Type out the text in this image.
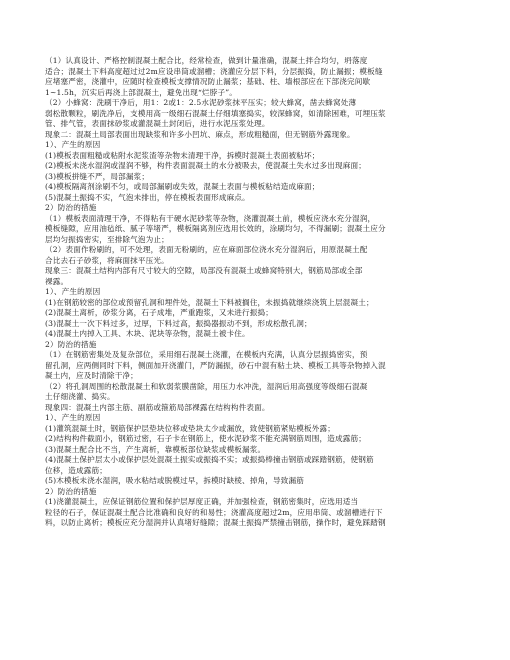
（1）认真设计、严格控制混凝土配合比，经常检查，做到计量准确，混凝土拌合均匀，坍落度
适合；混凝土下料高度超过过2m应设串筒或溜槽；浇灌应分层下料，分层振捣，防止漏振；模板缝
应堵塞严密，浇灌中，应随时检查模板支撑情况防止漏浆；基础、柱、墙根部应在下部浇完间歇
1~1.5h，沉实后再浇上部混凝土，避免出现“烂脖子”。
（2）小蜂窝：洗刷干净后，用1：2或1：2.5水泥砂浆抹平压实；较大蜂窝，凿去蜂窝处薄
弱松散颗粒，刷洗净后，支模用高一级细石混凝土仔细填塞捣实，较深蜂窝，如清除困难，可埋压浆
管、排气管，表面抹砂浆或灌混凝土封闭后，进行水泥压浆处理。
现象二：混凝土局部表面出现缺浆和许多小凹坑、麻点，形成粗糙面，但无钢筋外露现象。
1）、产生的原因
(1)模板表面粗糙或粘附水泥浆渣等杂物未清理干净，拆模时混凝土表面被粘坏；
(2)模板未浇水湿润或湿润不够，构件表面混凝土的水分被吸去，使混凝土失水过多出现麻面；
(3)模板拼缝不严，局部漏浆；
(4)模板隔离剂涂刷不匀，或局部漏刷或失效，混凝土表面与模板粘结造成麻面；
(5)混凝土振捣不实，气泡未排出，停在模板表面形成麻点。
2）防治的措施
（1）模板表面清理干净，不得粘有干硬水泥砂浆等杂物，浇灌混凝土前，模板应浇水充分湿润，
模板缝隙，应用油毡纸、腻子等堵严，模板隔离剂应选用长效的，涂刷均匀，不得漏刷；混凝土应分
层均匀振捣密实，至排除气泡为止；
（2）表面作粉刷的，可不处理，表面无粉刷的，应在麻面部位浇水充分湿润后，用原混凝土配
合比去石子砂浆，将麻面抹平压光。
现象三：混凝土结构内部有尺寸较大的空隙，局部没有混凝土或蜂窝特别大，钢筋局部或全部
裸露。
1）、产生的原因
(1)在钢筋较密的部位或预留孔洞和埋件处，混凝土下料被搁住，未振捣就继续浇筑上层混凝土；
(2)混凝土离析，砂浆分离，石子成堆，严重跑浆，又未进行振捣；
(3)混凝土一次下料过多，过厚，下料过高，振捣器振动不到，形成松散孔洞；
(4)混凝土内掉入工具、木块、泥块等杂物，混凝土被卡住。
2）防治的措施
（1）在钢筋密集处及复杂部位，采用细石混凝土浇灌，在模板内充满，认真分层振捣密实，预
留孔洞，应两侧同时下料，侧面加开浇灌门，严防漏振，砂石中混有粘土块、模板工具等杂物掉入混
凝土内，应及时清除干净；
（2）将孔洞周围的松散混凝土和软弱浆膜凿除，用压力水冲洗，湿润后用高强度等级细石混凝
土仔细浇灌、捣实。
现象四：混凝土内部主筋、副筋或箍筋局部裸露在结构构件表面。
1）、产生的原因
(1)灌筑混凝土时，钢筋保护层垫块位移或垫块太少或漏放，致使钢筋紧贴模板外露；
(2)结构构件截面小，钢筋过密，石子卡在钢筋上，使水泥砂浆不能充满钢筋周围，造成露筋；
(3)混凝土配合比不当，产生离析，靠模板部位缺浆或模板漏浆。
(4)混凝土保护层太小或保护层处混凝土振实或振捣不实；或振捣棒撞击钢筋或踩踏钢筋，使钢筋
位移，造成露筋；
(5)木模板未浇水湿润，吸水粘结或脱模过早，拆模时缺棱、掉角，导致漏筋
2）防治的措施
(1)浇灌混凝土，应保证钢筋位置和保护层厚度正确，并加强检查，钢筋密集时，应选用适当
粒径的石子，保证混凝土配合比准确和良好的和易性；浇灌高度超过2m，应用串筒、或溜槽进行下
料，以防止离析；模板应充分湿润并认真堵好缝隙；混凝土振捣严禁撞击钢筋，操作时，避免踩踏钢
